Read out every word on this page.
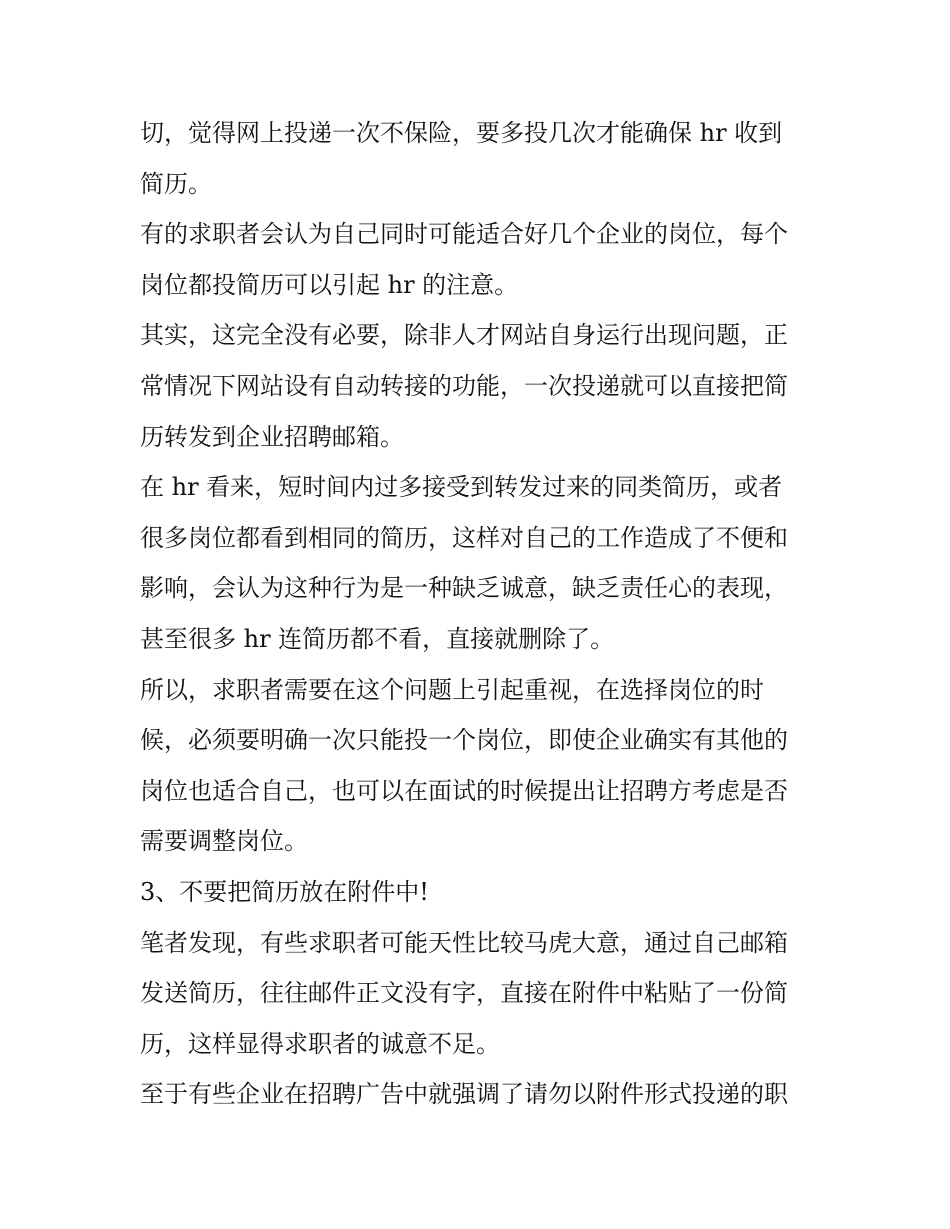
切，觉得网上投递一次不保险，要多投几次才能确保 hr 收到
简历。
有的求职者会认为自己同时可能适合好几个企业的岗位，每个
岗位都投简历可以引起 hr 的注意。
其实，这完全没有必要，除非人才网站自身运行出现问题，正
常情况下网站设有自动转接的功能，一次投递就可以直接把简
历转发到企业招聘邮箱。
在 hr 看来，短时间内过多接受到转发过来的同类简历，或者
很多岗位都看到相同的简历，这样对自己的工作造成了不便和
影响，会认为这种行为是一种缺乏诚意，缺乏责任心的表现，
甚至很多 hr 连简历都不看，直接就删除了。
所以，求职者需要在这个问题上引起重视，在选择岗位的时
候，必须要明确一次只能投一个岗位，即使企业确实有其他的
岗位也适合自己，也可以在面试的时候提出让招聘方考虑是否
需要调整岗位。
3、不要把简历放在附件中!
笔者发现，有些求职者可能天性比较马虎大意，通过自己邮箱
发送简历，往往邮件正文没有字，直接在附件中粘贴了一份简
历，这样显得求职者的诚意不足。
至于有些企业在招聘广告中就强调了请勿以附件形式投递的职
